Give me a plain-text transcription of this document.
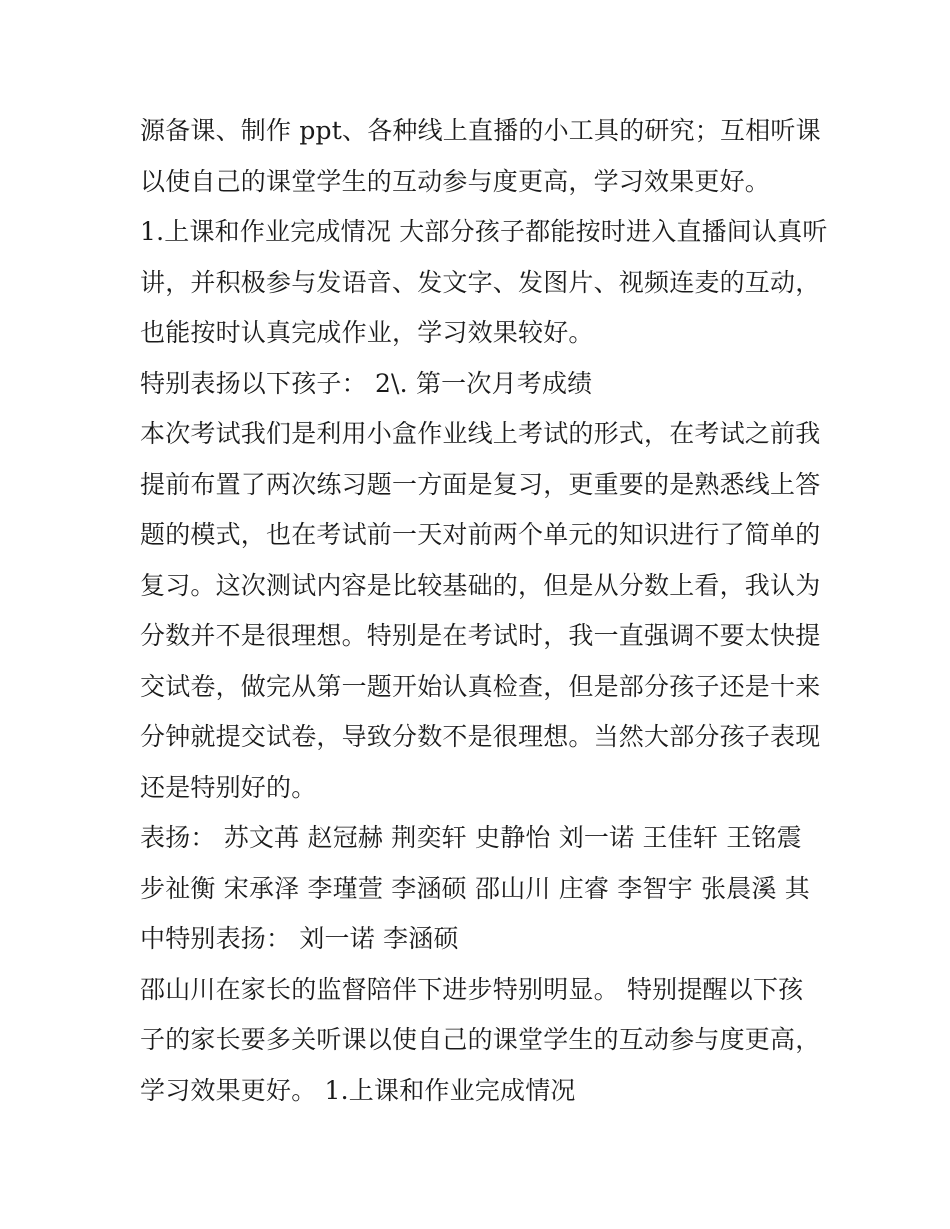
源备课、制作 ppt、各种线上直播的小工具的研究；互相听课
以使自己的课堂学生的互动参与度更高，学习效果更好。
1.上课和作业完成情况 大部分孩子都能按时进入直播间认真听
讲，并积极参与发语音、发文字、发图片、视频连麦的互动，
也能按时认真完成作业，学习效果较好。
特别表扬以下孩子： 2\. 第一次月考成绩
本次考试我们是利用小盒作业线上考试的形式，在考试之前我
提前布置了两次练习题一方面是复习，更重要的是熟悉线上答
题的模式，也在考试前一天对前两个单元的知识进行了简单的
复习。这次测试内容是比较基础的，但是从分数上看，我认为
分数并不是很理想。特别是在考试时，我一直强调不要太快提
交试卷，做完从第一题开始认真检查，但是部分孩子还是十来
分钟就提交试卷，导致分数不是很理想。当然大部分孩子表现
还是特别好的。
表扬： 苏文苒 赵冠赫 荆奕轩 史静怡 刘一诺 王佳轩 王铭震
步祉衡 宋承泽 李瑾萱 李涵硕 邵山川 庄睿 李智宇 张晨溪 其
中特别表扬： 刘一诺 李涵硕
邵山川在家长的监督陪伴下进步特别明显。 特别提醒以下孩
子的家长要多关听课以使自己的课堂学生的互动参与度更高，
学习效果更好。 1.上课和作业完成情况
